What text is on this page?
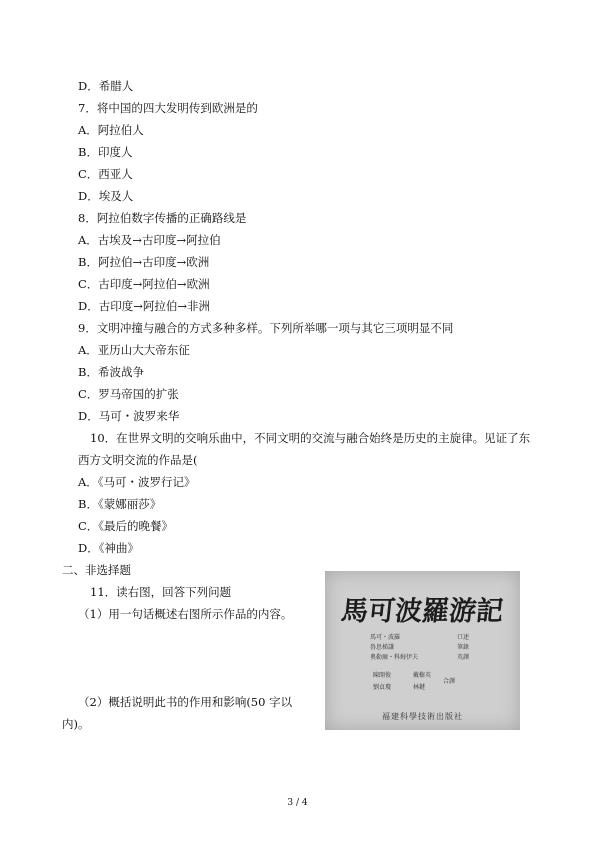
D．希腊人
7．将中国的四大发明传到欧洲是的
A．阿拉伯人
B．印度人
C．西亚人
D．埃及人
8．阿拉伯数字传播的正确路线是
A．古埃及→古印度→阿拉伯
B．阿拉伯→古印度→欧洲
C．古印度→阿拉伯→欧洲
D．古印度→阿拉伯→非洲
9．文明冲撞与融合的方式多种多样。下列所举哪一项与其它三项明显不同
A．亚历山大大帝东征
B．希波战争
C．罗马帝国的扩张
D．马可・波罗来华
10．在世界文明的交响乐曲中，不同文明的交流与融合始终是历史的主旋律。见证了东
西方文明交流的作品是(
A．《马可・波罗行记》
B．《蒙娜丽莎》
C．《最后的晚餐》
D．《神曲》
二、非选择题
11．读右图，回答下列问题
（1）用一句话概述右图所示作品的内容。
（2）概括说明此书的作用和影响(50 字以
内)。
馬可波羅游記
馬可・波羅
魯思梯謙
奧勒爾・科姆伊夫
口述
筆錄
英譯
陳開俊	戴樹英
劉貞瓊	林鍵
合譯
福建科學技術出版社
3 / 4
